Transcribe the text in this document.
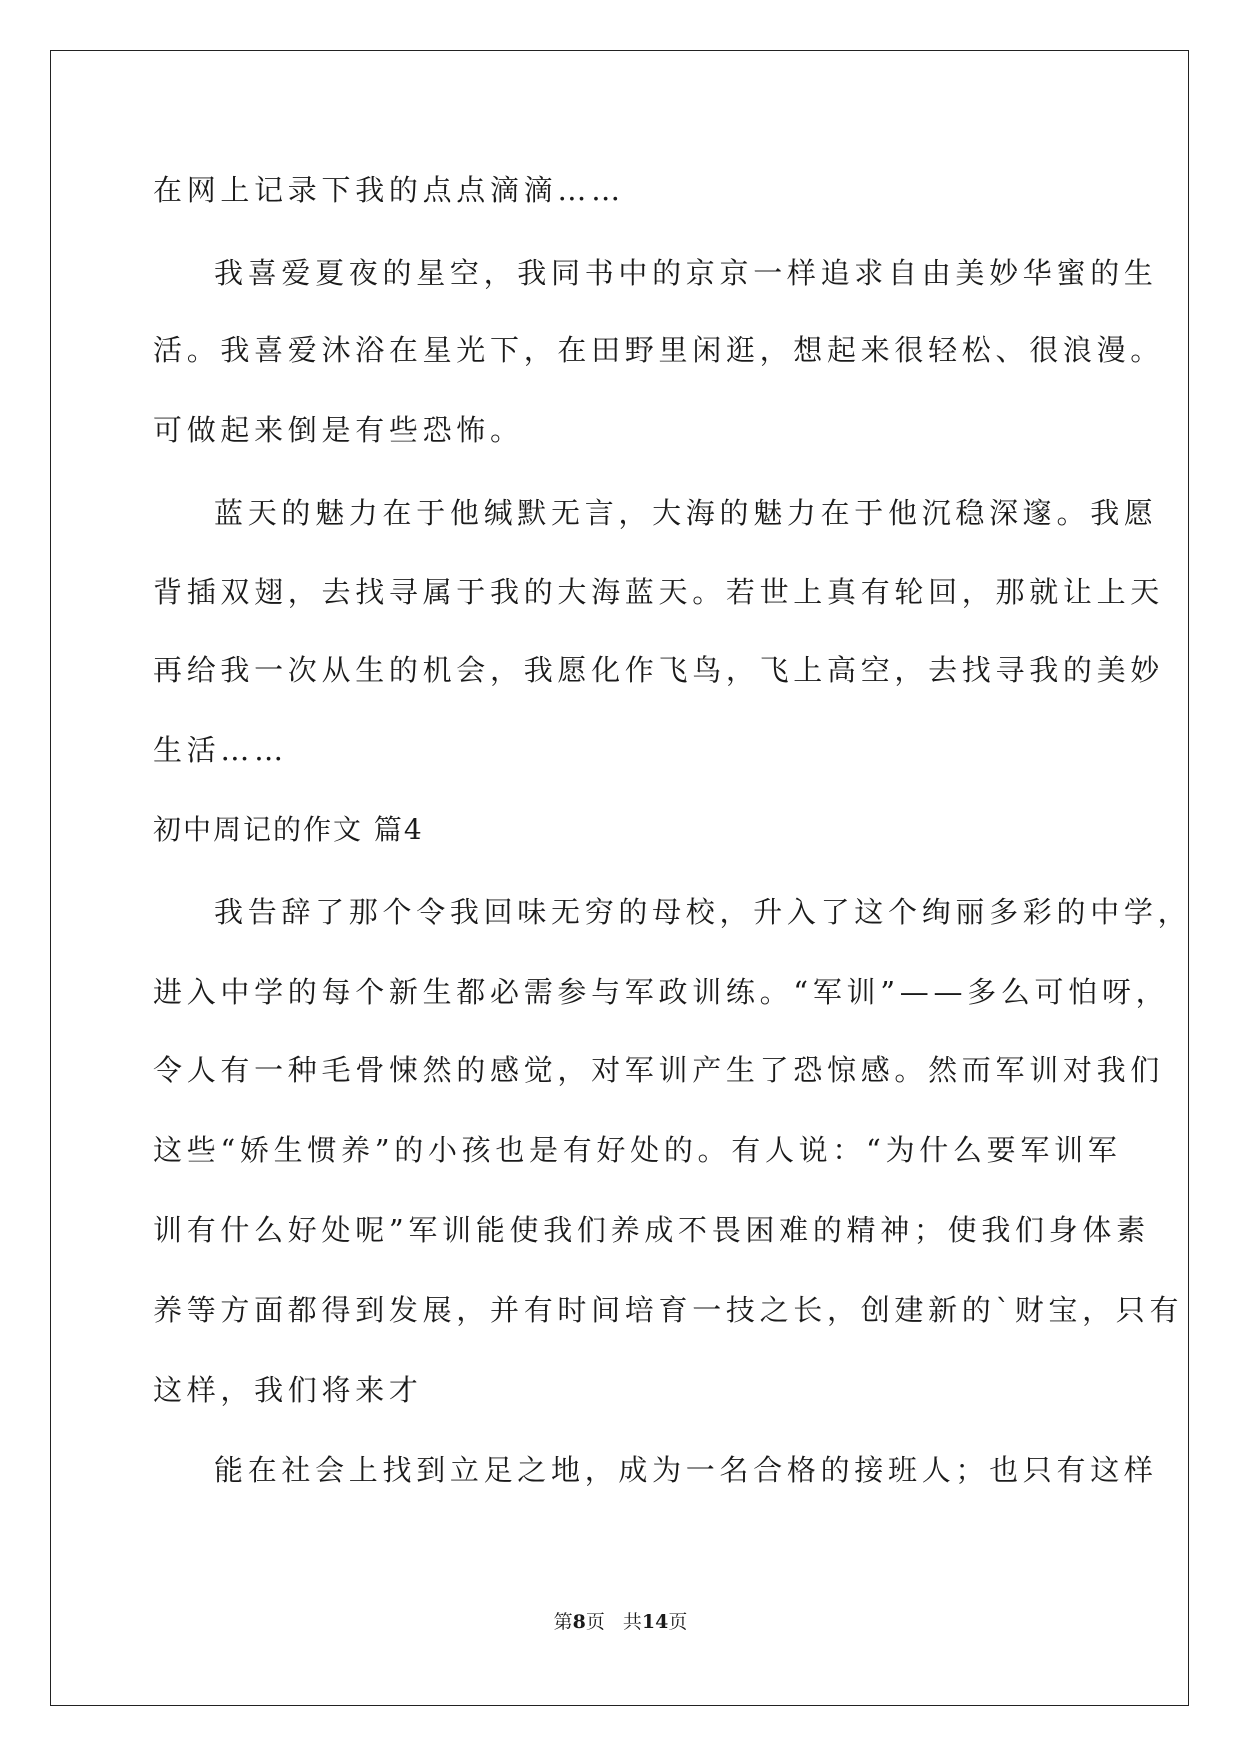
在网上记录下我的点点滴滴……

我喜爱夏夜的星空，我同书中的京京一样追求自由美妙华蜜的生

活。我喜爱沐浴在星光下，在田野里闲逛，想起来很轻松、很浪漫。

可做起来倒是有些恐怖。

蓝天的魅力在于他缄默无言，大海的魅力在于他沉稳深邃。我愿

背插双翅，去找寻属于我的大海蓝天。若世上真有轮回，那就让上天

再给我一次从生的机会，我愿化作飞鸟，飞上高空，去找寻我的美妙

生活……

初中周记的作文 篇4

我告辞了那个令我回味无穷的母校，升入了这个绚丽多彩的中学，

进入中学的每个新生都必需参与军政训练。“军训”——多么可怕呀，

令人有一种毛骨悚然的感觉，对军训产生了恐惊感。然而军训对我们

这些“娇生惯养”的小孩也是有好处的。有人说：“为什么要军训军

训有什么好处呢”军训能使我们养成不畏困难的精神；使我们身体素

养等方面都得到发展，并有时间培育一技之长，创建新的`财宝，只有

这样，我们将来才

能在社会上找到立足之地，成为一名合格的接班人；也只有这样

第8页 共14页
